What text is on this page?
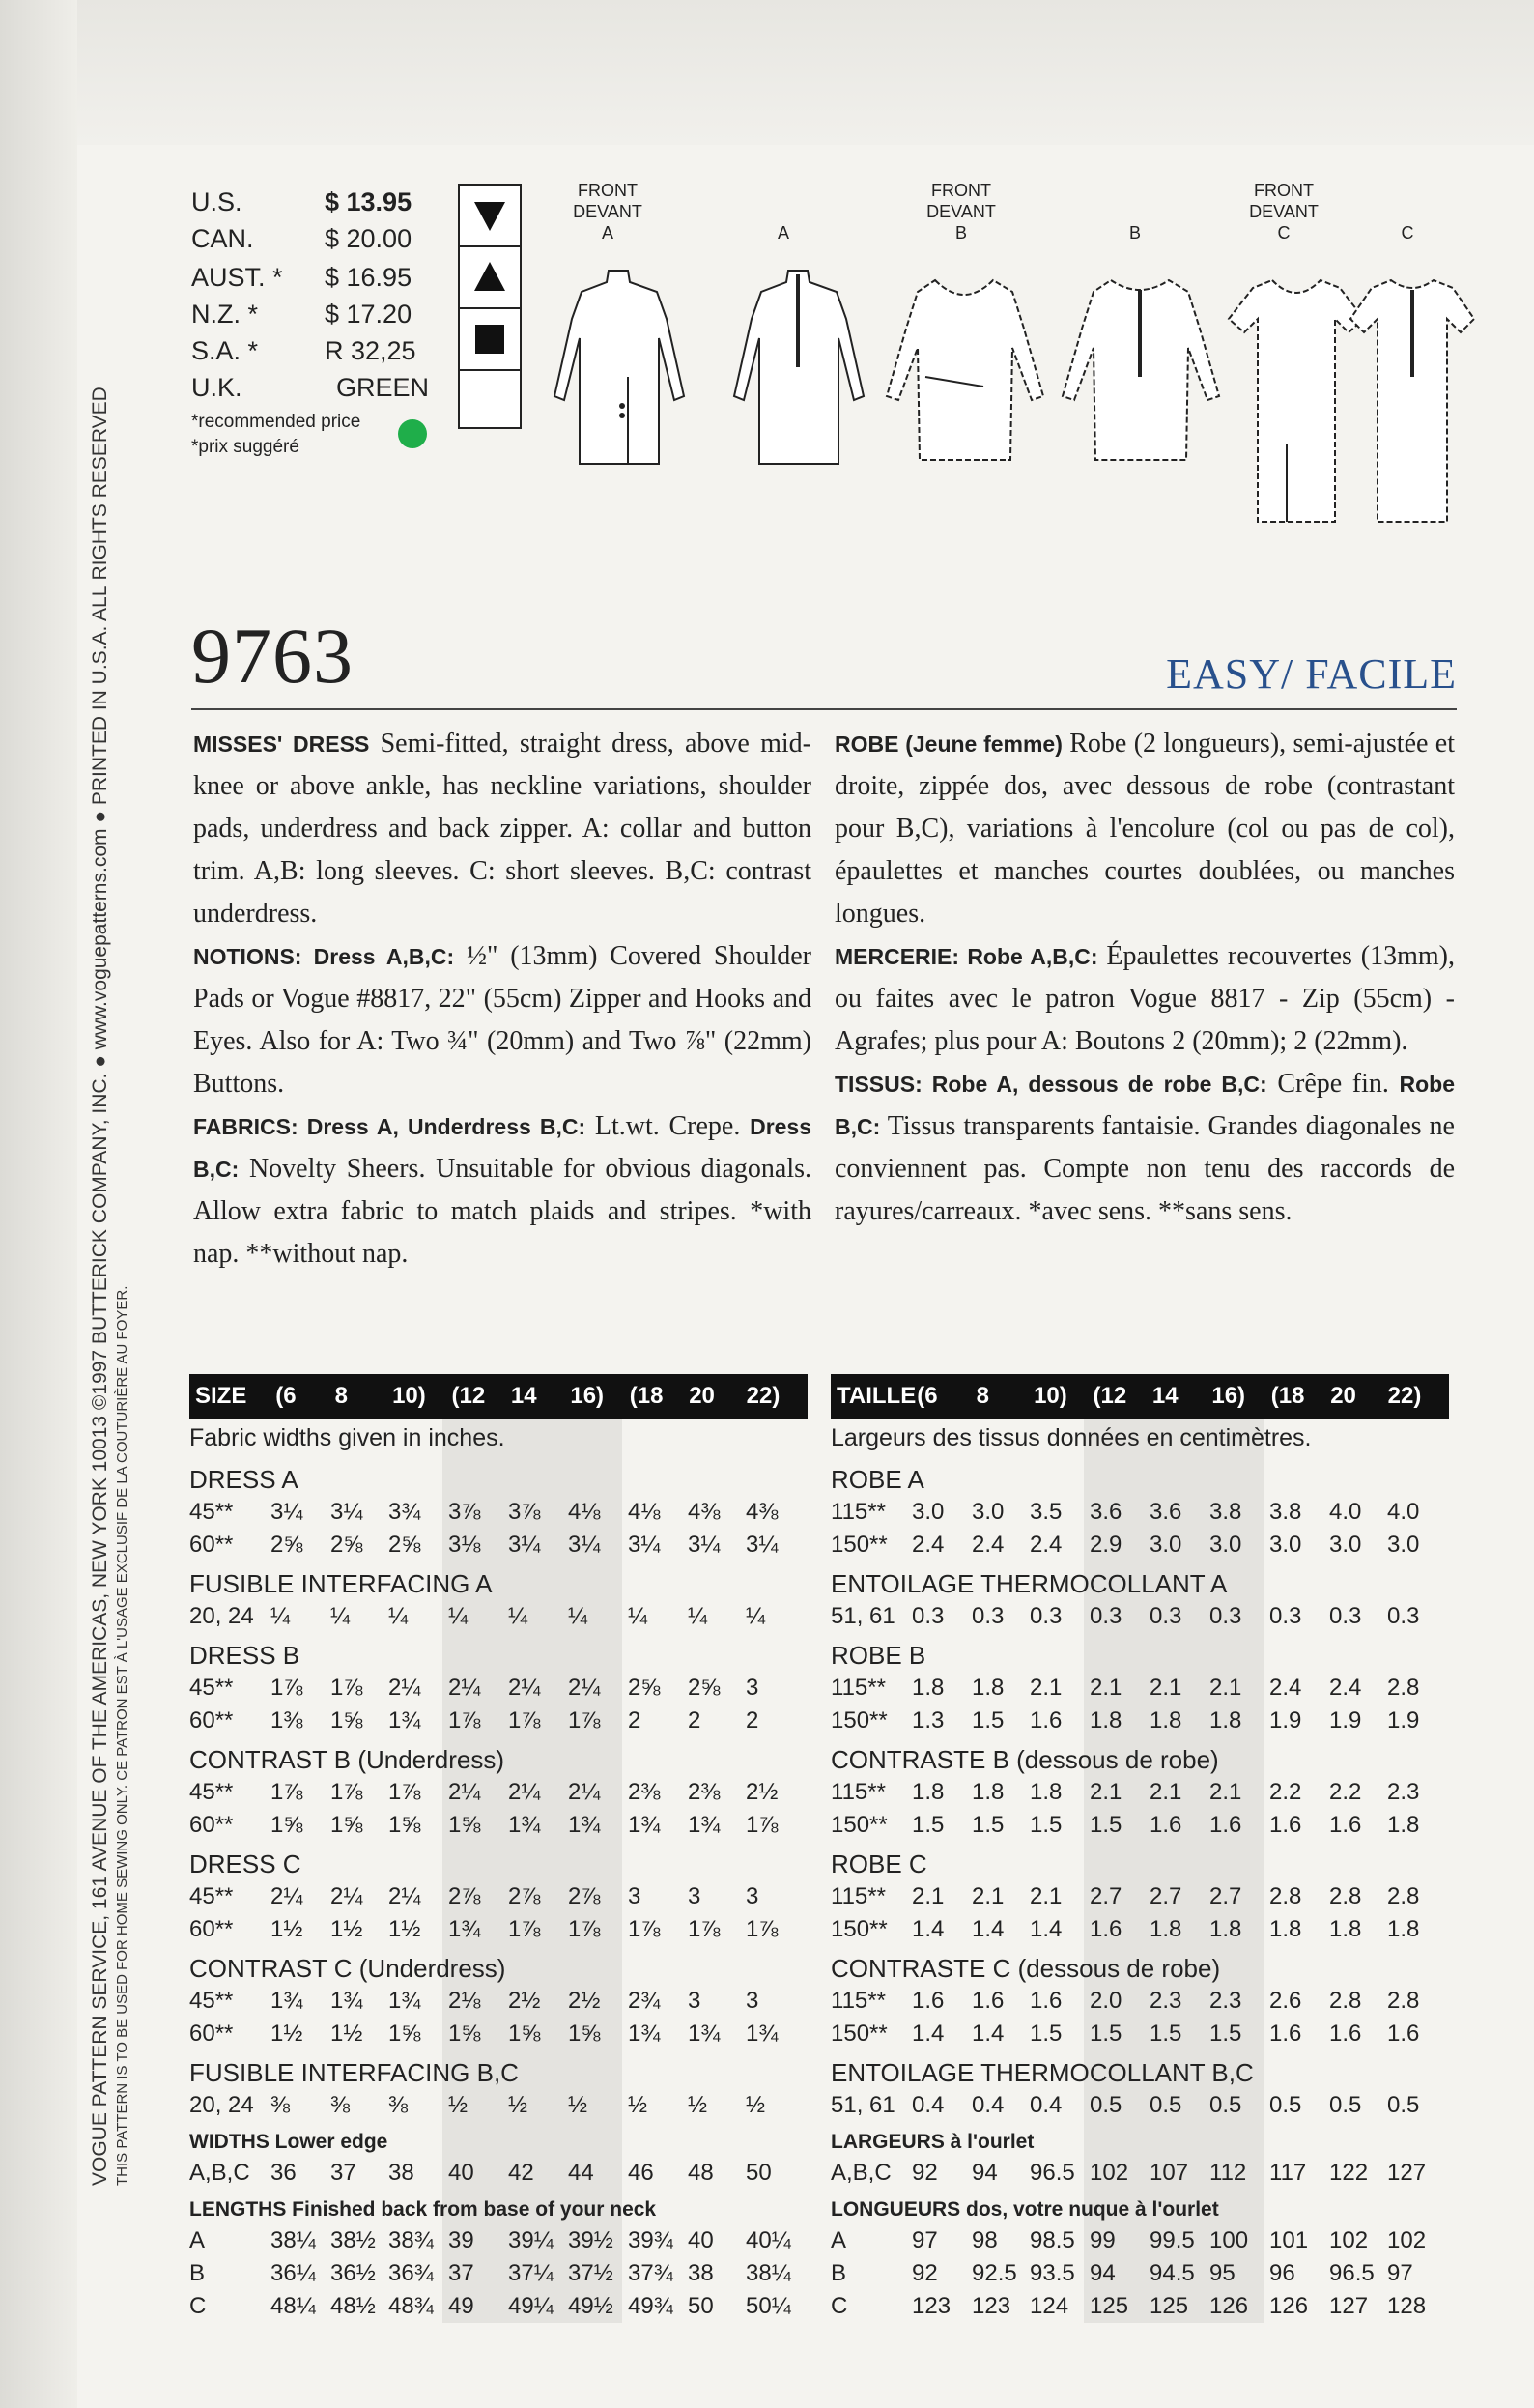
VOGUE PATTERN SERVICE, 161 AVENUE OF THE AMERICAS, NEW YORK 10013 ©1997 BUTTERICK COMPANY, INC. ● www.voguepatterns.com ● PRINTED IN U.S.A. ALL RIGHTS RESERVED THIS PATTERN IS TO BE USED FOR HOME SEWING ONLY. CE PATRON EST À L'USAGE EXCLUSIF DE LA COUTURIÈRE AU FOYER.
U.S.	$ 13.95
CAN.	$ 20.00
AUST. *	$ 16.95
N.Z. *	$ 17.20
S.A. *	R 32,25
U.K.	GREEN
*recommended price
*prix suggéré
FRONT
DEVANT
A	A
FRONT
DEVANT
B	B
FRONT
DEVANT
C	C
9763	EASY/ FACILE

MISSES' DRESS Semi-fitted, straight dress, above mid-knee or above ankle, has neckline variations, shoulder pads, underdress and back zipper. A: collar and button trim. A,B: long sleeves. C: short sleeves. B,C: contrast underdress.

NOTIONS: Dress A,B,C: ½" (13mm) Covered Shoulder Pads or Vogue #8817, 22" (55cm) Zipper and Hooks and Eyes. Also for A: Two ¾" (20mm) and Two ⅞" (22mm) Buttons.

FABRICS: Dress A, Underdress B,C: Lt.wt. Crepe. Dress B,C: Novelty Sheers. Unsuitable for obvious diagonals. Allow extra fabric to match plaids and stripes. *with nap. **without nap.

ROBE (Jeune femme) Robe (2 longueurs), semi-ajustée et droite, zippée dos, avec dessous de robe (contrastant pour B,C), variations à l'encolure (col ou pas de col), épaulettes et manches courtes doublées, ou manches longues.

MERCERIE: Robe A,B,C: Épaulettes recouvertes (13mm), ou faites avec le patron Vogue 8817 - Zip (55cm) - Agrafes; plus pour A: Boutons 2 (20mm); 2 (22mm).

TISSUS: Robe A, dessous de robe B,C: Crêpe fin. Robe B,C: Tissus transparents fantaisie. Grandes diagonales ne conviennent pas. Compte non tenu des raccords de rayures/carreaux. *avec sens. **sans sens.

SIZE	(6	8	10)	(12	14	16)	(18	20	22)
Fabric widths given in inches.
DRESS A
45**	3¼	3¼	3¾	3⅞	3⅞	4⅛	4⅛	4⅜	4⅜
60**	2⅝	2⅝	2⅝	3⅛	3¼	3¼	3¼	3¼	3¼
FUSIBLE INTERFACING A
20, 24 ¼	¼	¼	¼	¼	¼	¼	¼	¼
DRESS B
45**	1⅞	1⅞	2¼	2¼	2¼	2¼	2⅝	2⅝	3
60**	1⅜	1⅝	1¾	1⅞	1⅞	1⅞	2	2	2
CONTRAST B (Underdress)
45**	1⅞	1⅞	1⅞	2¼	2¼	2¼	2⅜	2⅜	2½
60**	1⅝	1⅝	1⅝	1⅝	1¾	1¾	1¾	1¾	1⅞
DRESS C
45**	2¼	2¼	2¼	2⅞	2⅞	2⅞	3	3	3
60**	1½	1½	1½	1¾	1⅞	1⅞	1⅞	1⅞	1⅞
CONTRAST C (Underdress)
45**	1¾	1¾	1¾	2⅛	2½	2½	2¾	3	3
60**	1½	1½	1⅝	1⅝	1⅝	1⅝	1¾	1¾	1¾
FUSIBLE INTERFACING B,C
20, 24 ⅜	⅜	⅜	½	½	½	½	½	½
WIDTHS Lower edge
A,B,C 36	37	38	40	42	44	46	48	50
LENGTHS Finished back from base of your neck
A	38¼ 38½ 38¾ 39	39¼ 39½ 39¾ 40	40¼
B	36¼ 36½ 36¾ 37	37¼ 37½ 37¾ 38	38¼
C	48¼ 48½ 48¾ 49	49¼ 49½ 49¾ 50	50¼
TAILLE (6	8	10)	(12	14	16)	(18	20	22)
Largeurs des tissus données en centimètres.
ROBE A
115**	3.0	3.0	3.5	3.6	3.6	3.8	3.8	4.0	4.0
150**	2.4	2.4	2.4	2.9	3.0	3.0	3.0	3.0	3.0
ENTOILAGE THERMOCOLLANT A
51, 61 0.3	0.3	0.3	0.3	0.3	0.3	0.3	0.3	0.3
ROBE B
115**	1.8	1.8	2.1	2.1	2.1	2.1	2.4	2.4	2.8
150**	1.3	1.5	1.6	1.8	1.8	1.8	1.9	1.9	1.9
CONTRASTE B (dessous de robe)
115**	1.8	1.8	1.8	2.1	2.1	2.1	2.2	2.2	2.3
150**	1.5	1.5	1.5	1.5	1.6	1.6	1.6	1.6	1.8
ROBE C
115**	2.1	2.1	2.1	2.7	2.7	2.7	2.8	2.8	2.8
150**	1.4	1.4	1.4	1.6	1.8	1.8	1.8	1.8	1.8
CONTRASTE C (dessous de robe)
115**	1.6	1.6	1.6	2.0	2.3	2.3	2.6	2.8	2.8
150**	1.4	1.4	1.5	1.5	1.5	1.5	1.6	1.6	1.6
ENTOILAGE THERMOCOLLANT B,C
51, 61 0.4	0.4	0.4	0.5	0.5	0.5	0.5	0.5	0.5
LARGEURS à l'ourlet
A,B,C 92	94	96.5 102 107 112 117 122 127
LONGUEURS dos, votre nuque à l'ourlet
A	97	98	98.5 99	99.5 100 101 102 102
B	92	92.5 93.5 94	94.5 95	96	96.5 97
C	123 123 124 125 125 126 126 127 128
